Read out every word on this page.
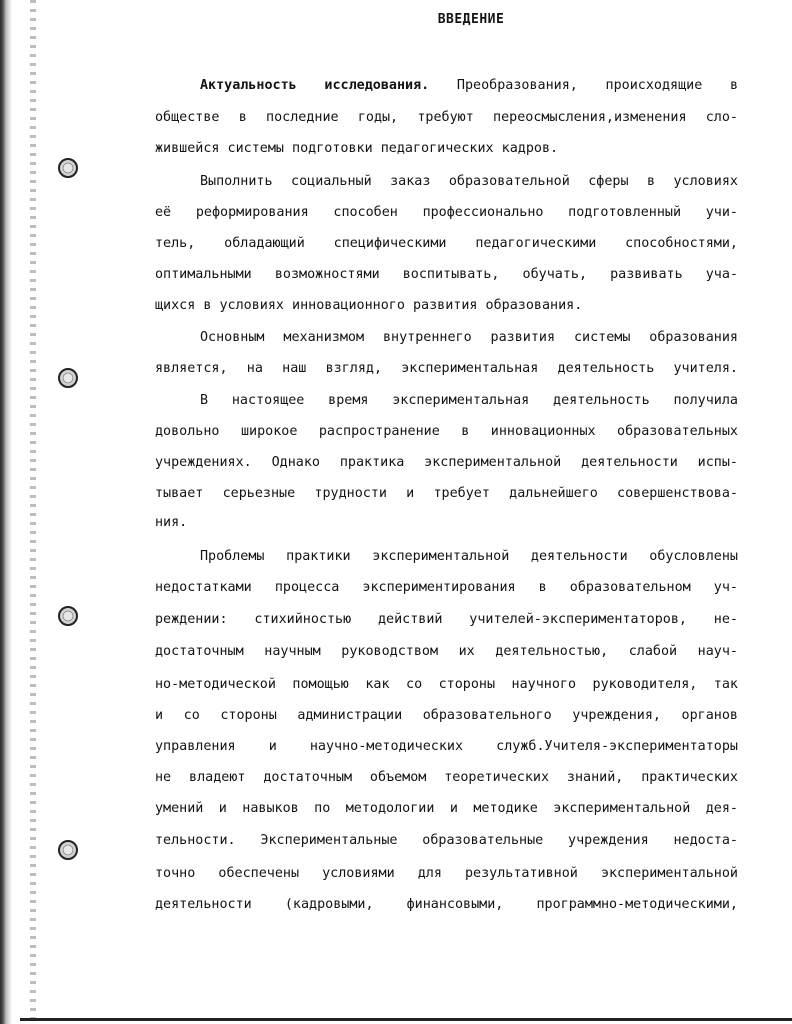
ВВЕДЕНИЕ
Актуальность исследования. Преобразования, происходящие в
обществе в последние годы, требуют переосмысления,изменения сло-
жившейся системы подготовки педагогических кадров.
Выполнить социальный заказ образовательной сферы в условиях
её реформирования способен профессионально подготовленный учи-
тель, обладающий специфическими педагогическими способностями,
оптимальными возможностями воспитывать, обучать, развивать уча-
щихся в условиях инновационного развития образования.
Основным механизмом внутреннего развития системы образования
является, на наш взгляд, экспериментальная деятельность учителя.
В настоящее время экспериментальная деятельность получила
довольно широкое распространение в инновационных образовательных
учреждениях. Однако практика экспериментальной деятельности испы-
тывает серьезные трудности и требует дальнейшего совершенствова-
ния.
Проблемы практики экспериментальной деятельности обусловлены
недостатками процесса экспериментирования в образовательном уч-
реждении: стихийностью действий учителей-экспериментаторов, не-
достаточным научным руководством их деятельностью, слабой науч-
но-методической помощью как со стороны научного руководителя, так
и со стороны администрации образовательного учреждения, органов
управления и научно-методических служб.Учителя-экспериментаторы
не владеют достаточным объемом теоретических знаний, практических
умений и навыков по методологии и методике экспериментальной дея-
тельности. Экспериментальные образовательные учреждения недоста-
точно обеспечены условиями для результативной экспериментальной
деятельности (кадровыми, финансовыми, программно-методическими,
